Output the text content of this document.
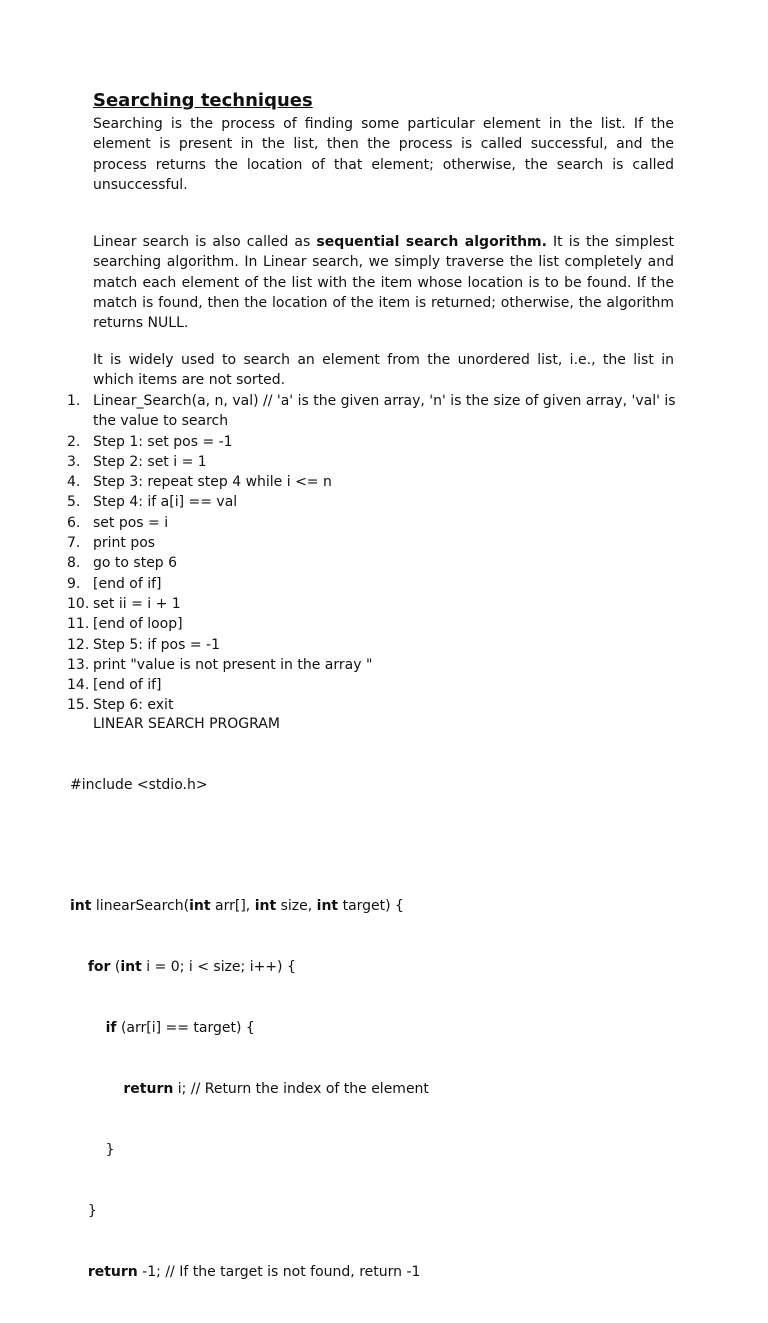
Searching techniques
Searching is the process of finding some particular element in the list. If the element is present in the list, then the process is called successful, and the process returns the location of that element; otherwise, the search is called unsuccessful.
Linear search is also called as sequential search algorithm. It is the simplest searching algorithm. In Linear search, we simply traverse the list completely and match each element of the list with the item whose location is to be found. If the match is found, then the location of the item is returned; otherwise, the algorithm returns NULL.
It is widely used to search an element from the unordered list, i.e., the list in which items are not sorted.
1. Linear_Search(a, n, val) // 'a' is the given array, 'n' is the size of given array, 'val' is the value to search
2. Step 1: set pos = -1
3. Step 2: set i = 1
4. Step 3: repeat step 4 while i <= n
5. Step 4: if a[i] == val
6. set pos = i
7. print pos
8. go to step 6
9. [end of if]
10. set ii = i + 1
11. [end of loop]
12. Step 5: if pos = -1
13. print "value is not present in the array "
14. [end of if]
15. Step 6: exit
LINEAR SEARCH PROGRAM

#include <stdio.h>

int linearSearch(int arr[], int size, int target) {

for (int i = 0; i < size; i++) {

if (arr[i] == target) {

return i; // Return the index of the element

}

}

return -1; // If the target is not found, return -1
